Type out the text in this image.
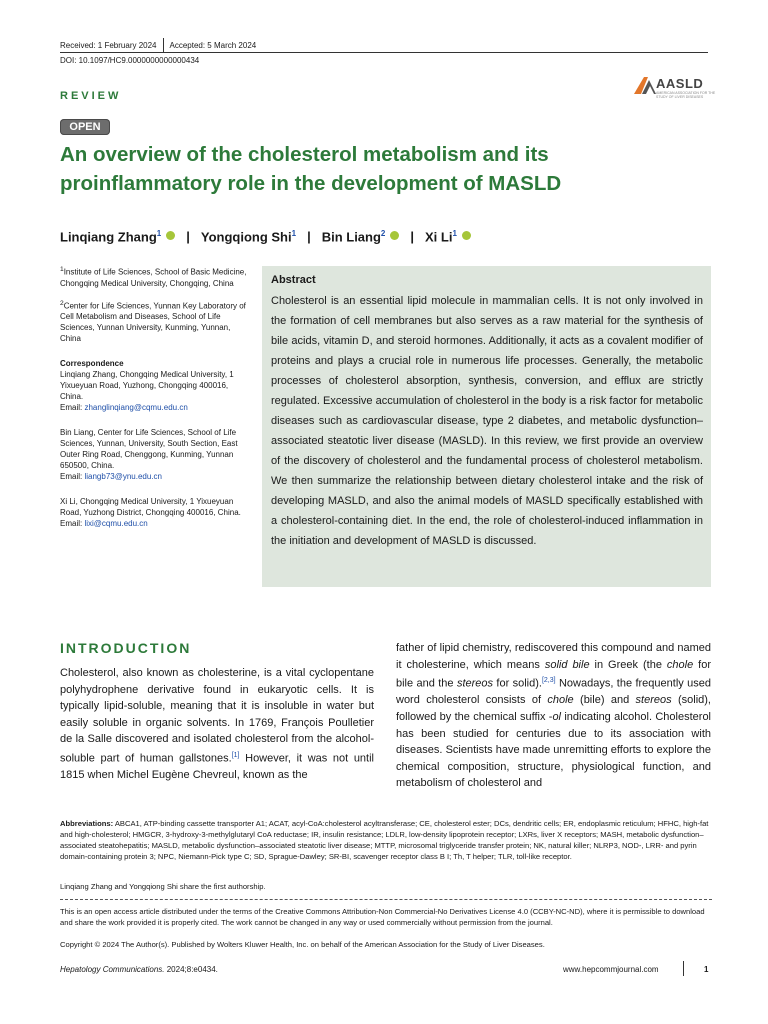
Received: 1 February 2024 Accepted: 5 March 2024
DOI: 10.1097/HC9.0000000000000434
AASLD
AMERICAN ASSOCIATION FOR THE STUDY OF LIVER DISEASES
REVIEW
OPEN
An overview of the cholesterol metabolism and its proinflammatory role in the development of MASLD
Linqiang Zhang$^1$ | Yongqiong Shi$^1$ | Bin Liang$^2$ | Xi Li$^1$

$^1$Institute of Life Sciences, School of Basic Medicine, Chongqing Medical University, Chongqing, China

$^2$Center for Life Sciences, Yunnan Key Laboratory of Cell Metabolism and Diseases, School of Life Sciences, Yunnan University, Kunming, Yunnan, China

Correspondence
Linqiang Zhang, Chongqing Medical University, 1 Yixueyuan Road, Yuzhong, Chongqing 400016, China.
Email: zhanglinqiang@cqmu.edu.cn

Bin Liang, Center for Life Sciences, School of Life Sciences, Yunnan, University, South Section, East Outer Ring Road, Chenggong, Kunming, Yunnan 650500, China.
Email: liangb73@ynu.edu.cn

Xi Li, Chongqing Medical University, 1 Yixueyuan Road, Yuzhong District, Chongqing 400016, China.
Email: lixi@cqmu.edu.cn

Abstract
Cholesterol is an essential lipid molecule in mammalian cells. It is not only involved in the formation of cell membranes but also serves as a raw material for the synthesis of bile acids, vitamin D, and steroid hormones. Additionally, it acts as a covalent modifier of proteins and plays a crucial role in numerous life processes. Generally, the metabolic processes of cholesterol absorption, synthesis, conversion, and efflux are strictly regulated. Excessive accumulation of cholesterol in the body is a risk factor for metabolic diseases such as cardiovascular disease, type 2 diabetes, and metabolic dysfunction–associated steatotic liver disease (MASLD). In this review, we first provide an overview of the discovery of cholesterol and the fundamental process of cholesterol metabolism. We then summarize the relationship between dietary cholesterol intake and the risk of developing MASLD, and also the animal models of MASLD specifically established with a cholesterol-containing diet. In the end, the role of cholesterol-induced inflammation in the initiation and development of MASLD is discussed.
INTRODUCTION
Cholesterol, also known as cholesterine, is a vital cyclopentane polyhydrophene derivative found in eukaryotic cells. It is typically lipid-soluble, meaning that it is insoluble in water but easily soluble in organic solvents. In 1769, François Poulletier de la Salle discovered and isolated cholesterol from the alcohol-soluble part of human gallstones.[1] However, it was not until 1815 when Michel Eugène Chevreul, known as the
father of lipid chemistry, rediscovered this compound and named it cholesterine, which means solid bile in Greek (the chole for bile and the stereos for solid).[2,3] Nowadays, the frequently used word cholesterol consists of chole (bile) and stereos (solid), followed by the chemical suffix -ol indicating alcohol. Cholesterol has been studied for centuries due to its association with diseases. Scientists have made unremitting efforts to explore the chemical composition, structure, physiological function, and metabolism of cholesterol and
Abbreviations: ABCA1, ATP-binding cassette transporter A1; ACAT, acyl-CoA:cholesterol acyltransferase; CE, cholesterol ester; DCs, dendritic cells; ER, endoplasmic reticulum; HFHC, high-fat and high-cholesterol; HMGCR, 3-hydroxy-3-methylglutaryl CoA reductase; IR, insulin resistance; LDLR, low-density lipoprotein receptor; LXRs, liver X receptors; MASH, metabolic dysfunction–associated steatohepatitis; MASLD, metabolic dysfunction–associated steatotic liver disease; MTTP, microsomal triglyceride transfer protein; NK, natural killer; NLRP3, NOD-, LRR- and pyrin domain-containing protein 3; NPC, Niemann-Pick type C; SD, Sprague-Dawley; SR-BI, scavenger receptor class B I; Th, T helper; TLR, toll-like receptor.
Linqiang Zhang and Yongqiong Shi share the first authorship.
This is an open access article distributed under the terms of the Creative Commons Attribution-Non Commercial-No Derivatives License 4.0 (CCBY-NC-ND), where it is permissible to download and share the work provided it is properly cited. The work cannot be changed in any way or used commercially without permission from the journal.
Copyright © 2024 The Author(s). Published by Wolters Kluwer Health, Inc. on behalf of the American Association for the Study of Liver Diseases.
Hepatology Communications. 2024;8:e0434.	www.hepcommjournal.com	1
